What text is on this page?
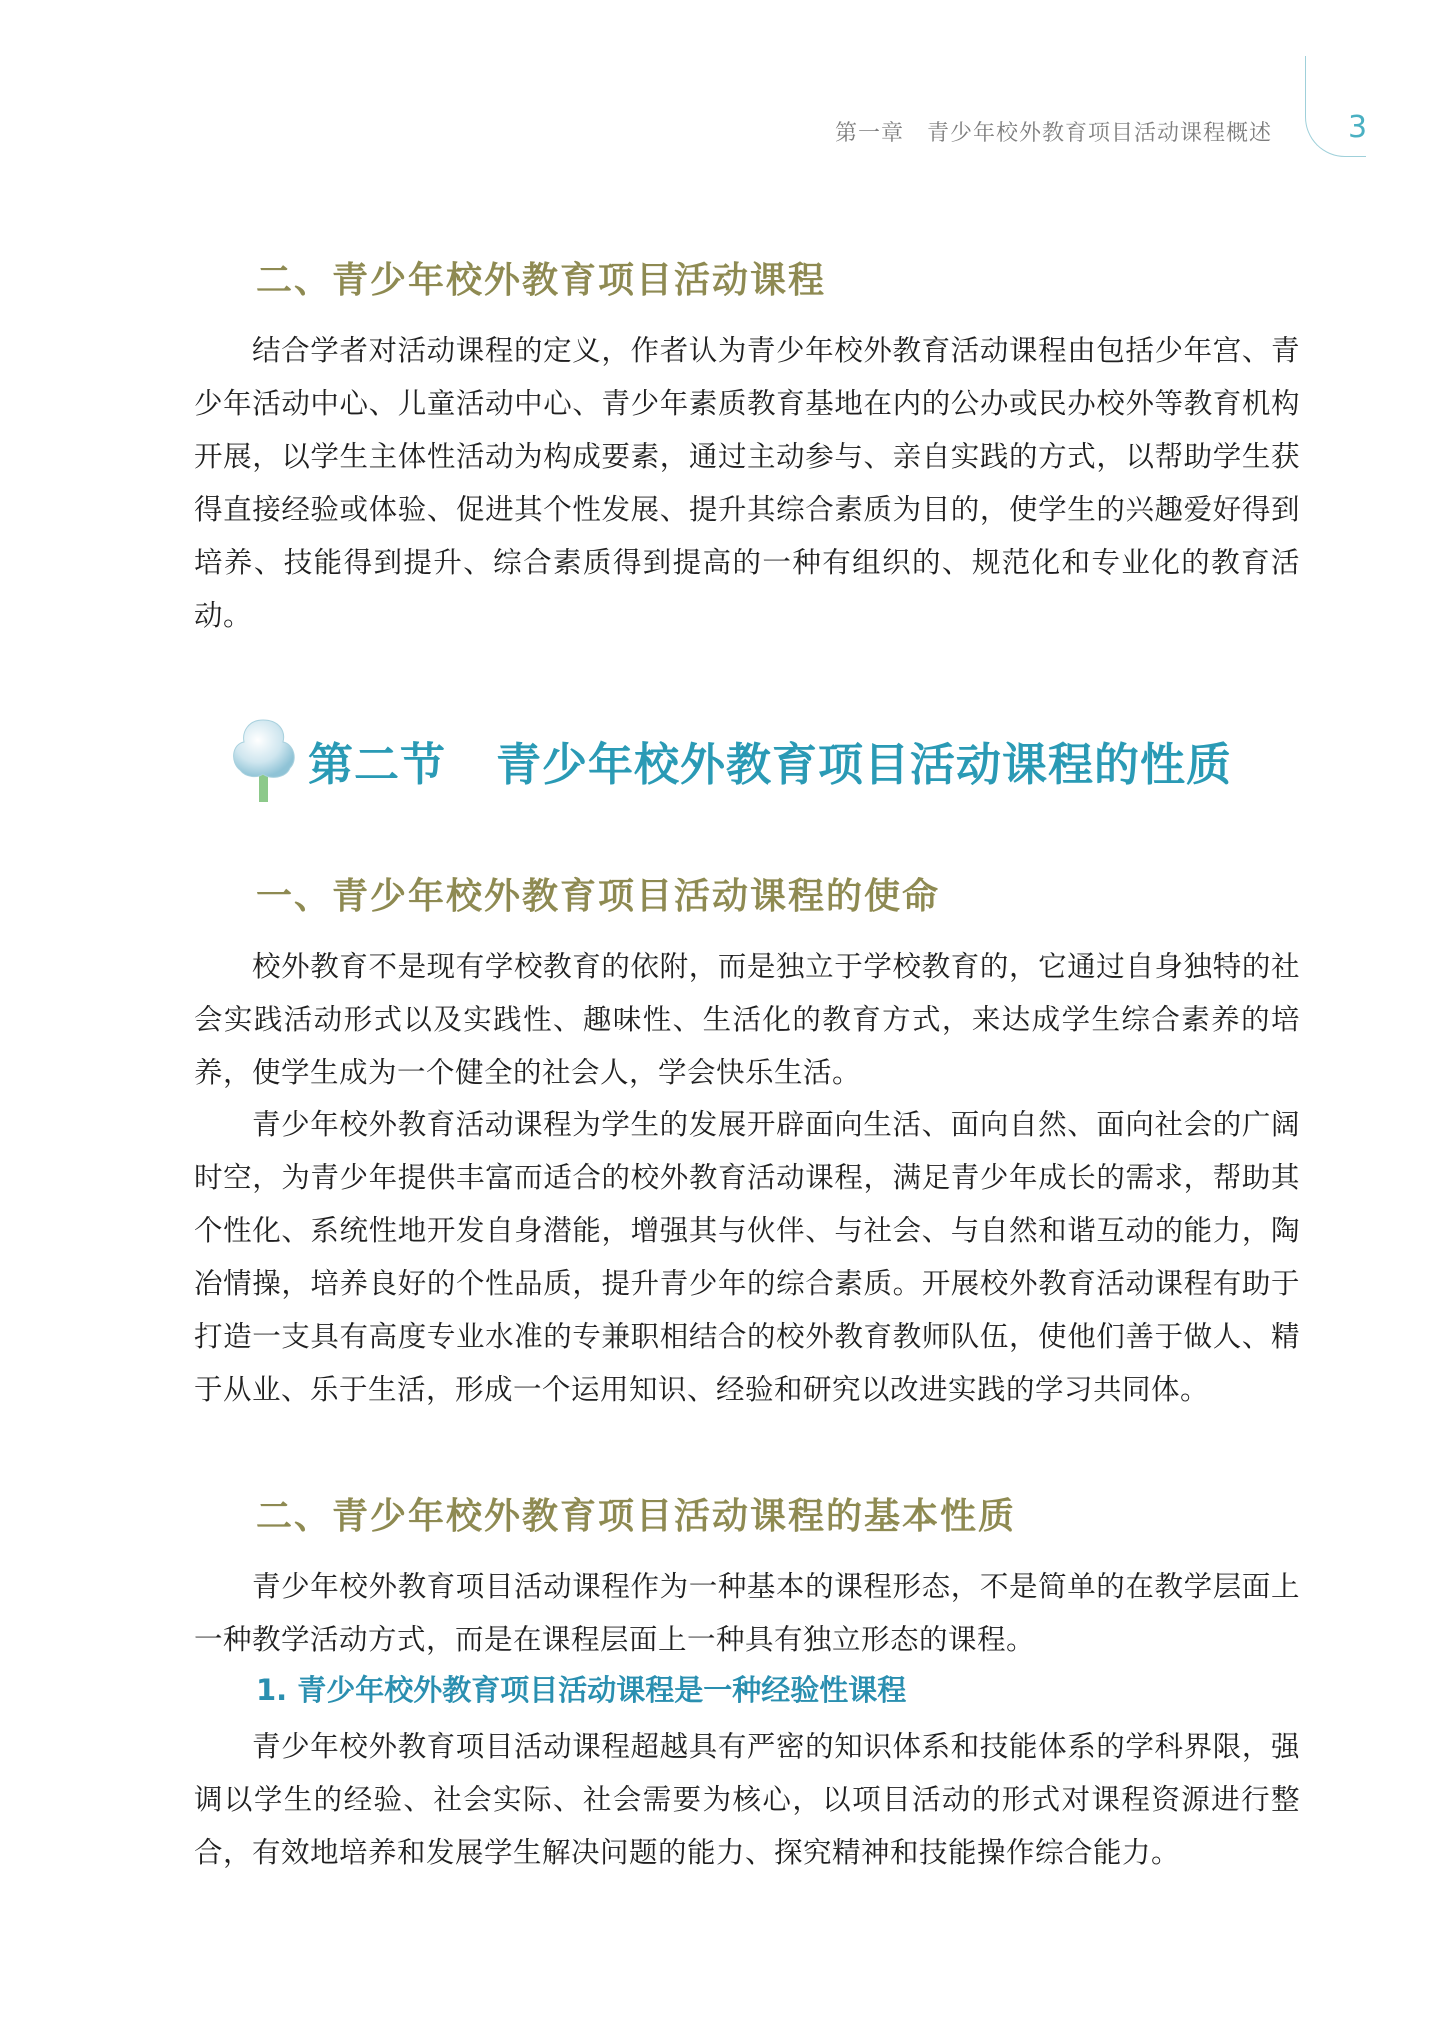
第一章　青少年校外教育项目活动课程概述	3
二、青少年校外教育项目活动课程

结合学者对活动课程的定义，作者认为青少年校外教育活动课程由包括少年宫、青少年活动中心、儿童活动中心、青少年素质教育基地在内的公办或民办校外等教育机构开展，以学生主体性活动为构成要素，通过主动参与、亲自实践的方式，以帮助学生获得直接经验或体验、促进其个性发展、提升其综合素质为目的，使学生的兴趣爱好得到培养、技能得到提升、综合素质得到提高的一种有组织的、规范化和专业化的教育活动。

第二节 青少年校外教育项目活动课程的性质
一、青少年校外教育项目活动课程的使命

校外教育不是现有学校教育的依附，而是独立于学校教育的，它通过自身独特的社会实践活动形式以及实践性、趣味性、生活化的教育方式，来达成学生综合素养的培养，使学生成为一个健全的社会人，学会快乐生活。

青少年校外教育活动课程为学生的发展开辟面向生活、面向自然、面向社会的广阔时空，为青少年提供丰富而适合的校外教育活动课程，满足青少年成长的需求，帮助其个性化、系统性地开发自身潜能，增强其与伙伴、与社会、与自然和谐互动的能力，陶冶情操，培养良好的个性品质，提升青少年的综合素质。开展校外教育活动课程有助于打造一支具有高度专业水准的专兼职相结合的校外教育教师队伍，使他们善于做人、精于从业、乐于生活，形成一个运用知识、经验和研究以改进实践的学习共同体。

二、青少年校外教育项目活动课程的基本性质

青少年校外教育项目活动课程作为一种基本的课程形态，不是简单的在教学层面上一种教学活动方式，而是在课程层面上一种具有独立形态的课程。

1. 青少年校外教育项目活动课程是一种经验性课程

青少年校外教育项目活动课程超越具有严密的知识体系和技能体系的学科界限，强调以学生的经验、社会实际、社会需要为核心，以项目活动的形式对课程资源进行整合，有效地培养和发展学生解决问题的能力、探究精神和技能操作综合能力。
